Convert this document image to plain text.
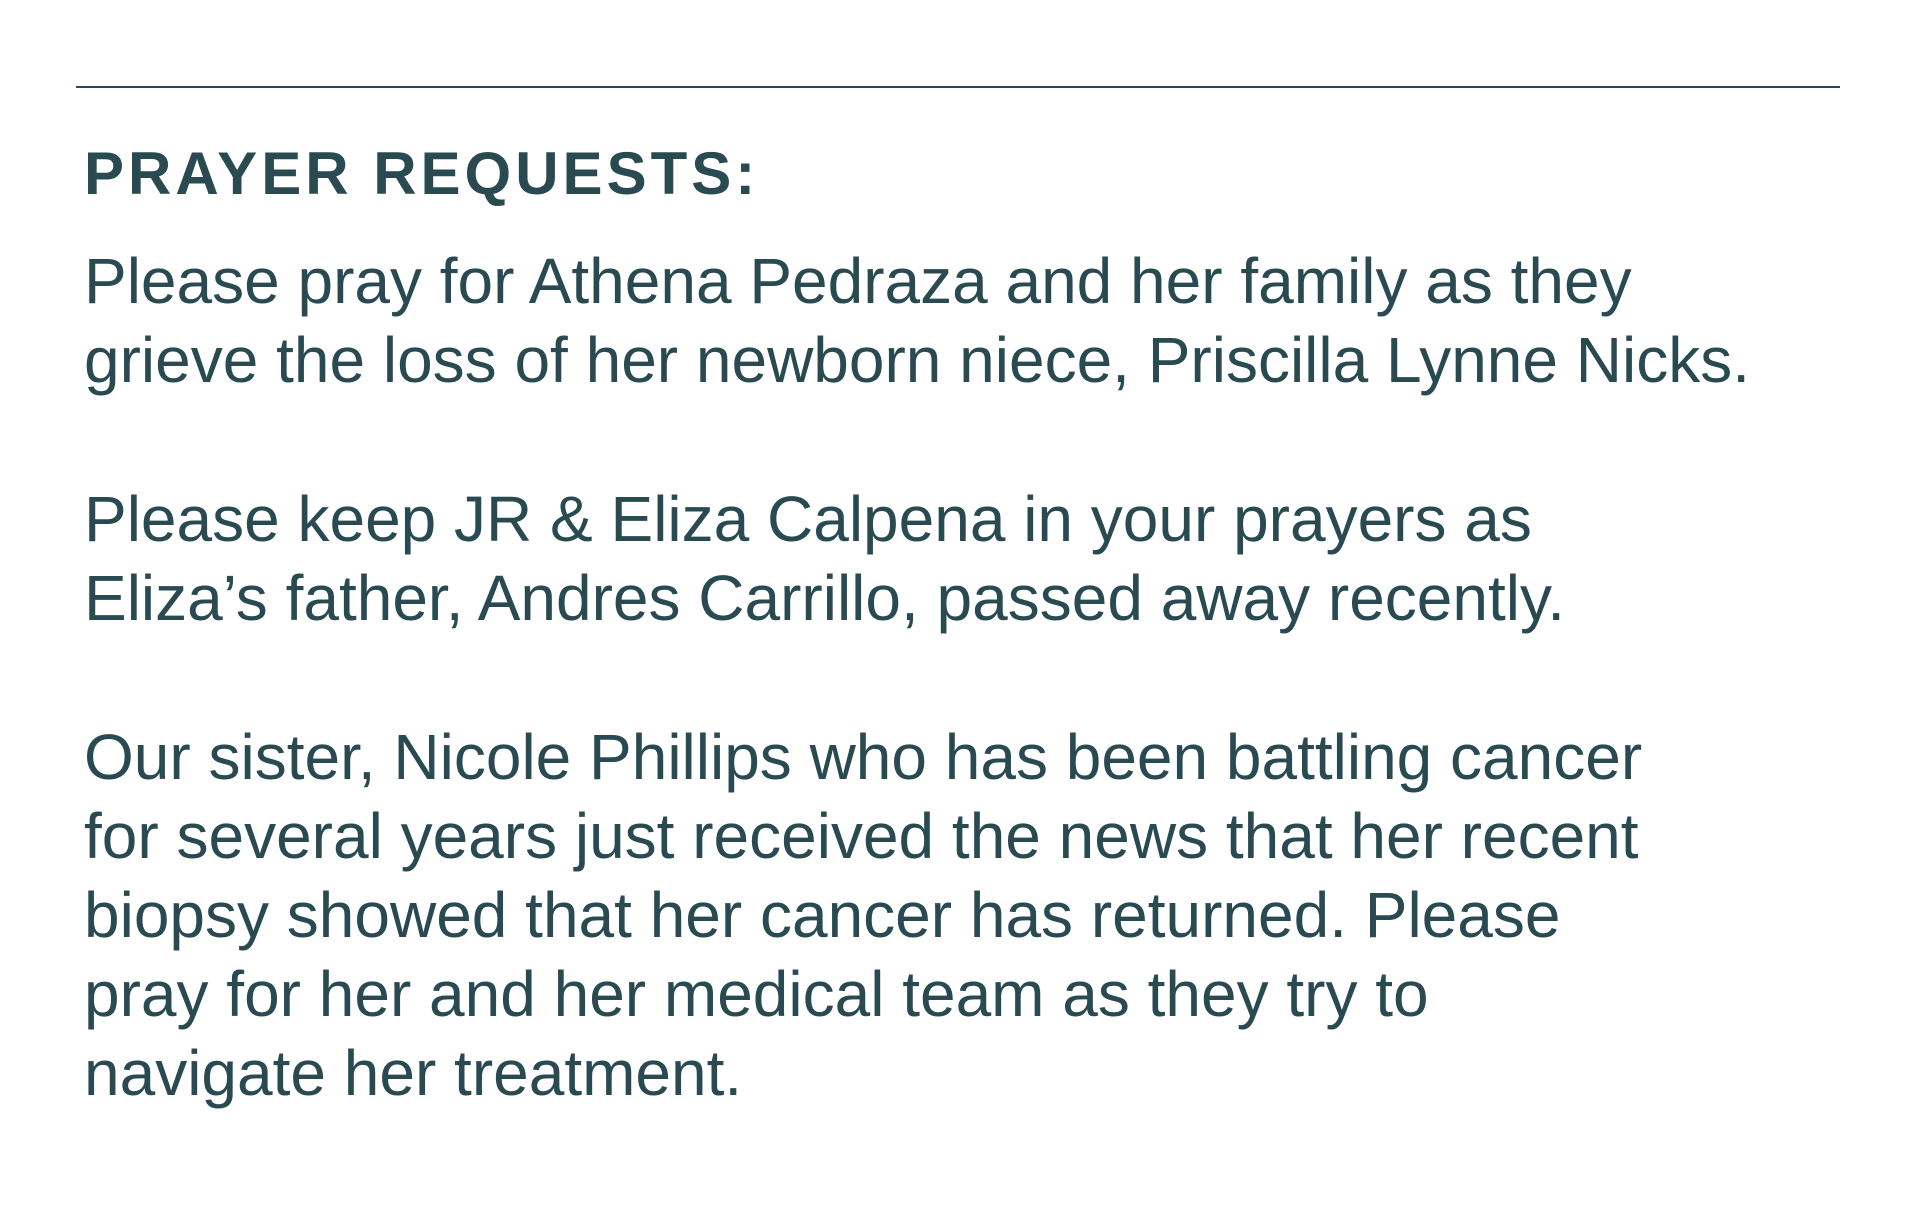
PRAYER REQUESTS:

Please pray for Athena Pedraza and her family as they
grieve the loss of her newborn niece, Priscilla Lynne Nicks.

Please keep JR & Eliza Calpena in your prayers as
Eliza’s father, Andres Carrillo, passed away recently.

Our sister, Nicole Phillips who has been battling cancer
for several years just received the news that her recent
biopsy showed that her cancer has returned. Please
pray for her and her medical team as they try to
navigate her treatment.
